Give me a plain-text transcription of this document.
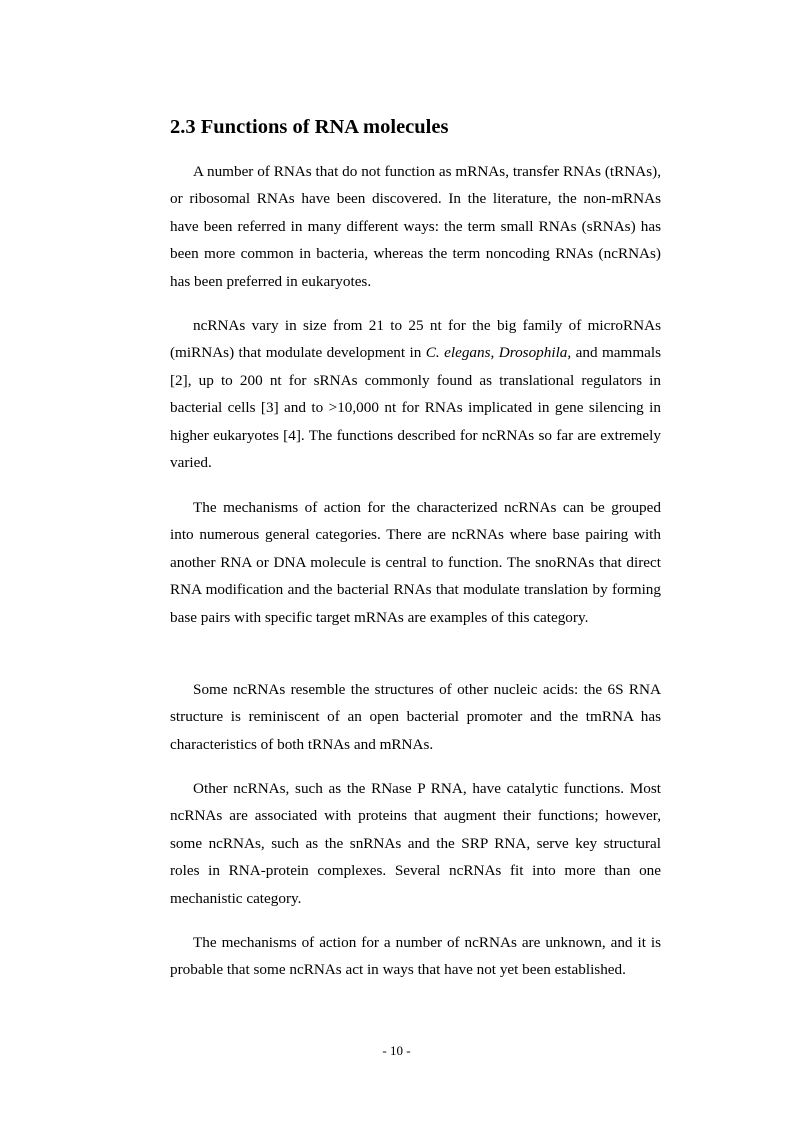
2.3 Functions of RNA molecules

A number of RNAs that do not function as mRNAs, transfer RNAs (tRNAs), or ribosomal RNAs have been discovered. In the literature, the non-mRNAs have been referred in many different ways: the term small RNAs (sRNAs) has been more common in bacteria, whereas the term noncoding RNAs (ncRNAs) has been preferred in eukaryotes.

ncRNAs vary in size from 21 to 25 nt for the big family of microRNAs (miRNAs) that modulate development in C. elegans, Drosophila, and mammals [2], up to 200 nt for sRNAs commonly found as translational regulators in bacterial cells [3] and to >10,000 nt for RNAs implicated in gene silencing in higher eukaryotes [4]. The functions described for ncRNAs so far are extremely varied.

The mechanisms of action for the characterized ncRNAs can be grouped into numerous general categories. There are ncRNAs where base pairing with another RNA or DNA molecule is central to function. The snoRNAs that direct RNA modification and the bacterial RNAs that modulate translation by forming base pairs with specific target mRNAs are examples of this category.

Some ncRNAs resemble the structures of other nucleic acids: the 6S RNA structure is reminiscent of an open bacterial promoter and the tmRNA has characteristics of both tRNAs and mRNAs.

Other ncRNAs, such as the RNase P RNA, have catalytic functions. Most ncRNAs are associated with proteins that augment their functions; however, some ncRNAs, such as the snRNAs and the SRP RNA, serve key structural roles in RNA-protein complexes. Several ncRNAs fit into more than one mechanistic category.

The mechanisms of action for a number of ncRNAs are unknown, and it is probable that some ncRNAs act in ways that have not yet been established.

- 10 -
